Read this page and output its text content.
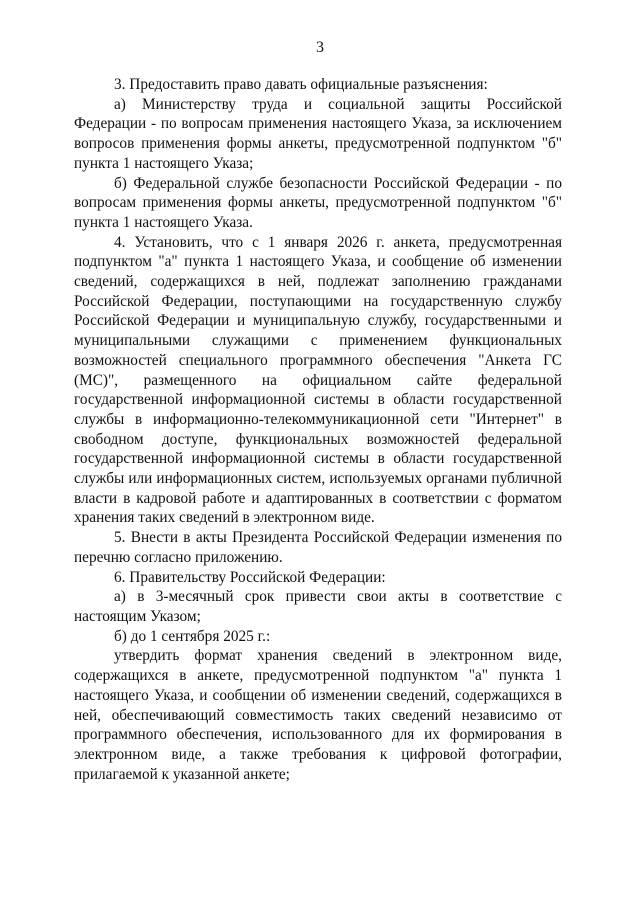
3

3. Предоставить право давать официальные разъяснения:

а) Министерству труда и социальной защиты Российской Федерации - по вопросам применения настоящего Указа, за исключением вопросов применения формы анкеты, предусмотренной подпунктом "б" пункта 1 настоящего Указа;

б) Федеральной службе безопасности Российской Федерации - по вопросам применения формы анкеты, предусмотренной подпунктом "б" пункта 1 настоящего Указа.

4. Установить, что с 1 января 2026 г. анкета, предусмотренная подпунктом "а" пункта 1 настоящего Указа, и сообщение об изменении сведений, содержащихся в ней, подлежат заполнению гражданами Российской Федерации, поступающими на государственную службу Российской Федерации и муниципальную службу, государственными и муниципальными служащими с применением функциональных возможностей специального программного обеспечения "Анкета ГС (МС)", размещенного на официальном сайте федеральной государственной информационной системы в области государственной службы в информационно-телекоммуникационной сети "Интернет" в свободном доступе, функциональных возможностей федеральной государственной информационной системы в области государственной службы или информационных систем, используемых органами публичной власти в кадровой работе и адаптированных в соответствии с форматом хранения таких сведений в электронном виде.

5. Внести в акты Президента Российской Федерации изменения по перечню согласно приложению.

6. Правительству Российской Федерации:

а) в 3-месячный срок привести свои акты в соответствие с настоящим Указом;

б) до 1 сентября 2025 г.:

утвердить формат хранения сведений в электронном виде, содержащихся в анкете, предусмотренной подпунктом "а" пункта 1 настоящего Указа, и сообщении об изменении сведений, содержащихся в ней, обеспечивающий совместимость таких сведений независимо от программного обеспечения, использованного для их формирования в электронном виде, а также требования к цифровой фотографии, прилагаемой к указанной анкете;
